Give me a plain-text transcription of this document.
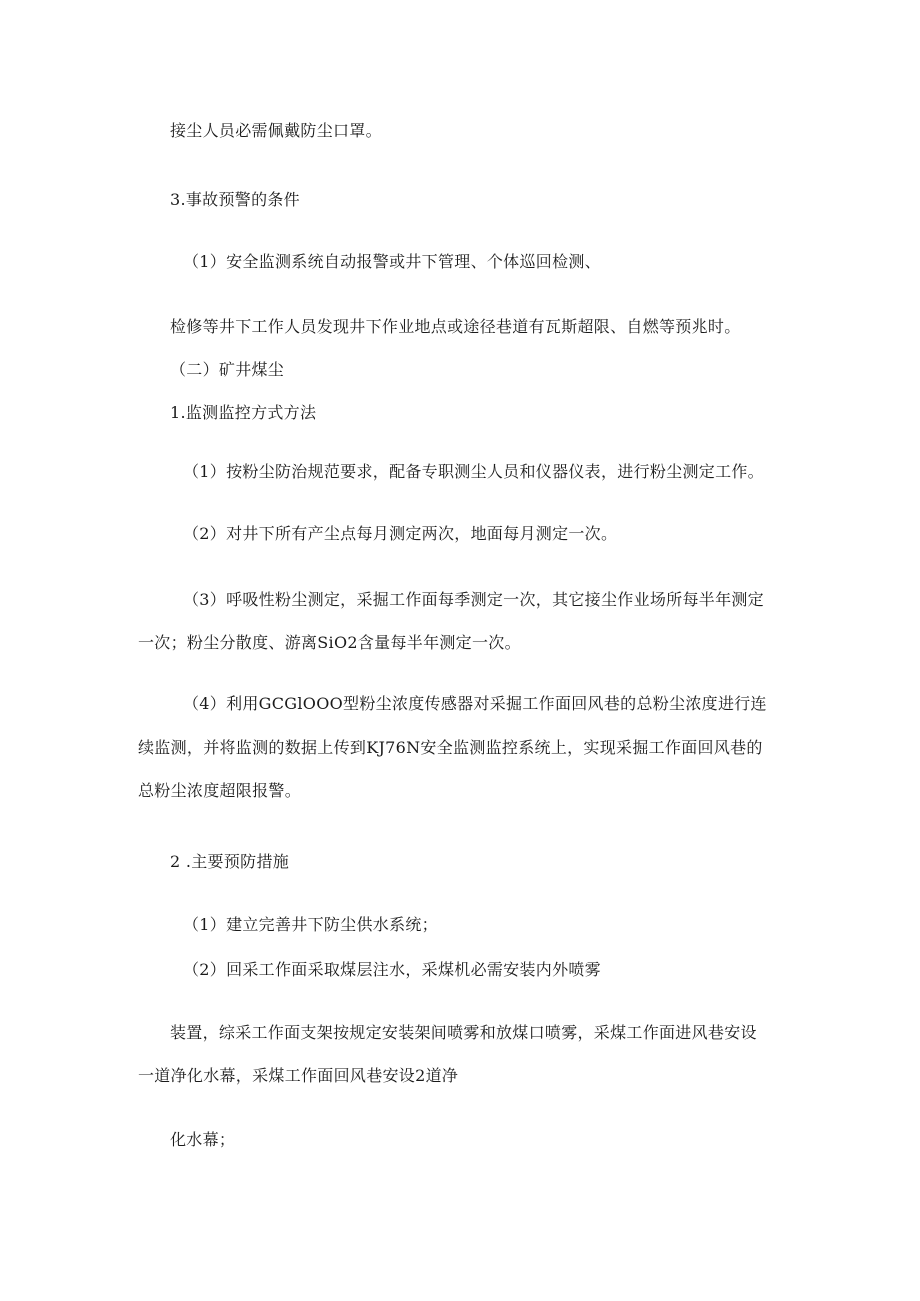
接尘人员必需佩戴防尘口罩。
3.事故预警的条件
（1）安全监测系统自动报警或井下管理、个体巡回检测、
检修等井下工作人员发现井下作业地点或途径巷道有瓦斯超限、自燃等预兆时。
（二）矿井煤尘
1.监测监控方式方法
（1）按粉尘防治规范要求，配备专职测尘人员和仪器仪表，进行粉尘测定工作。
（2）对井下所有产尘点每月测定两次，地面每月测定一次。
（3）呼吸性粉尘测定，采掘工作面每季测定一次，其它接尘作业场所每半年测定
一次；粉尘分散度、游离SiO2含量每半年测定一次。
（4）利用GCGlOOO型粉尘浓度传感器对采掘工作面回风巷的总粉尘浓度进行连
续监测，并将监测的数据上传到KJ76N安全监测监控系统上，实现采掘工作面回风巷的
总粉尘浓度超限报警。
2 .主要预防措施
（1）建立完善井下防尘供水系统；
（2）回采工作面采取煤层注水，采煤机必需安装内外喷雾
装置，综采工作面支架按规定安装架间喷雾和放煤口喷雾，采煤工作面进风巷安设
一道净化水幕，采煤工作面回风巷安设2道净
化水幕；
